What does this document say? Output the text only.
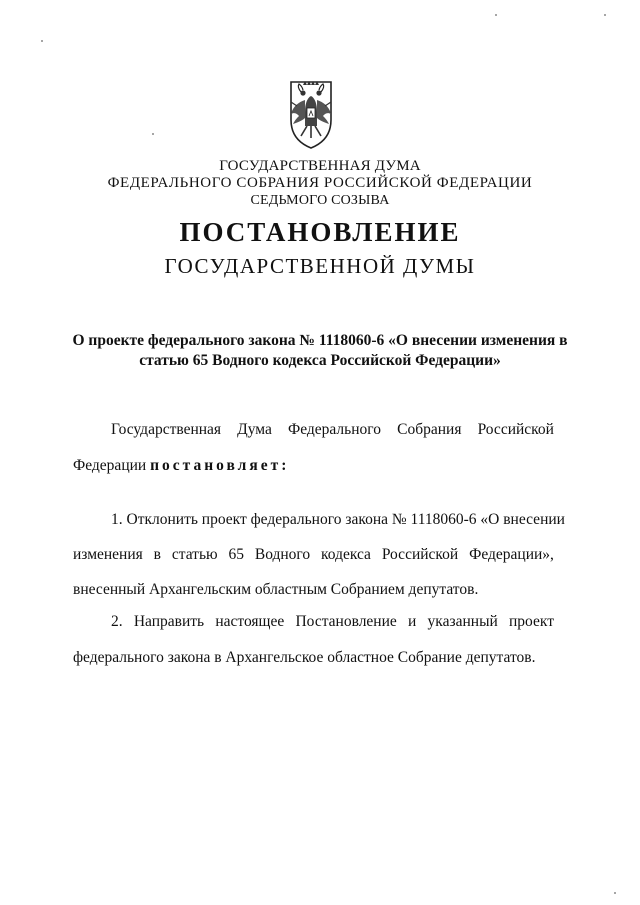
ГОСУДАРСТВЕННАЯ ДУМА
ФЕДЕРАЛЬНОГО СОБРАНИЯ РОССИЙСКОЙ ФЕДЕРАЦИИ
СЕДЬМОГО СОЗЫВА
ПОСТАНОВЛЕНИЕ
ГОСУДАРСТВЕННОЙ ДУМЫ
О проекте федерального закона № 1118060-6 «О внесении изменения в
статью 65 Водного кодекса Российской Федерации»
Государственная Дума Федерального Собрания Российской
Федерации постановляет:
1. Отклонить проект федерального закона № 1118060-6 «О внесении
изменения в статью 65 Водного кодекса Российской Федерации»,
внесенный Архангельским областным Собранием депутатов.
2. Направить настоящее Постановление и указанный проект
федерального закона в Архангельское областное Собрание депутатов.
